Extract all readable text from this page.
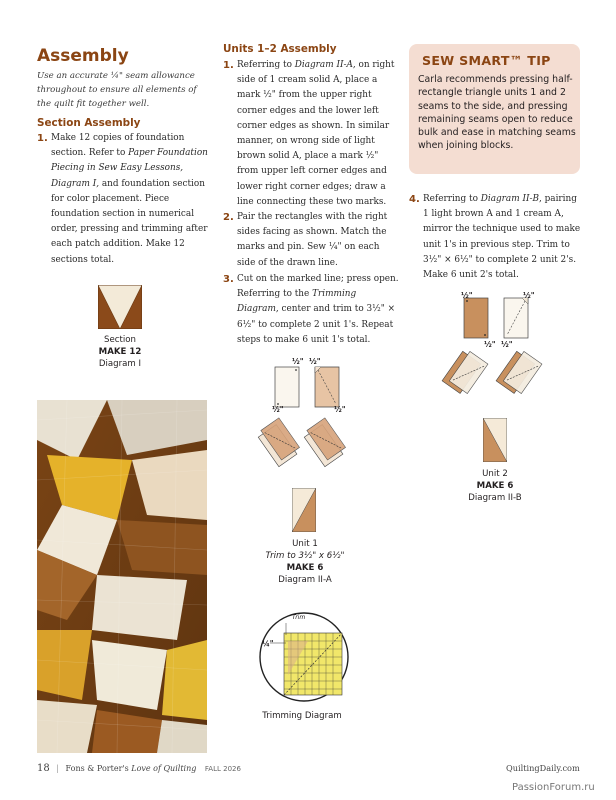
Assembly

Use an accurate ¼" seam allowance throughout to ensure all elements of the quilt fit together well.

Section Assembly
1. Make 12 copies of foundation section. Refer to Paper Foundation Piecing in Sew Easy Lessons, Diagram I, and foundation section for color placement. Piece foundation section in numerical order, pressing and trimming after each patch addition. Make 12 sections total.
Section
MAKE 12
Diagram I
Units 1–2 Assembly
1. Referring to Diagram II-A, on right side of 1 cream solid A, place a mark ½" from the upper right corner edges and the lower left corner edges as shown. In similar manner, on wrong side of light brown solid A, place a mark ½" from upper left corner edges and lower right corner edges; draw a line connecting these two marks.
2. Pair the rectangles with the right sides facing as shown. Match the marks and pin. Sew ¼" on each side of the drawn line.
3. Cut on the marked line; press open. Referring to the Trimming Diagram, center and trim to 3½" × 6½" to complete 2 unit 1's. Repeat steps to make 6 unit 1's total.
½" ½"
½"	½"
Unit 1
Trim to 3½" x 6½"
MAKE 6
Diagram II-A
Trim
¼"
Trimming Diagram
SEW SMART™ TIP
Carla recommends pressing half-rectangle triangle units 1 and 2 seams to the side, and pressing remaining seams open to reduce bulk and ease in matching seams when joining blocks.
4. Referring to Diagram II-B, pairing 1 light brown A and 1 cream A, mirror the technique used to make unit 1's in previous step. Trim to 3½" × 6½" to complete 2 unit 2's. Make 6 unit 2's total.
½"	½"
½" ½"
Unit 2
MAKE 6
Diagram II-B
18 | Fons & Porter's Love of Quilting FALL 2026	QuiltingDaily.com
PassionForum.ru
